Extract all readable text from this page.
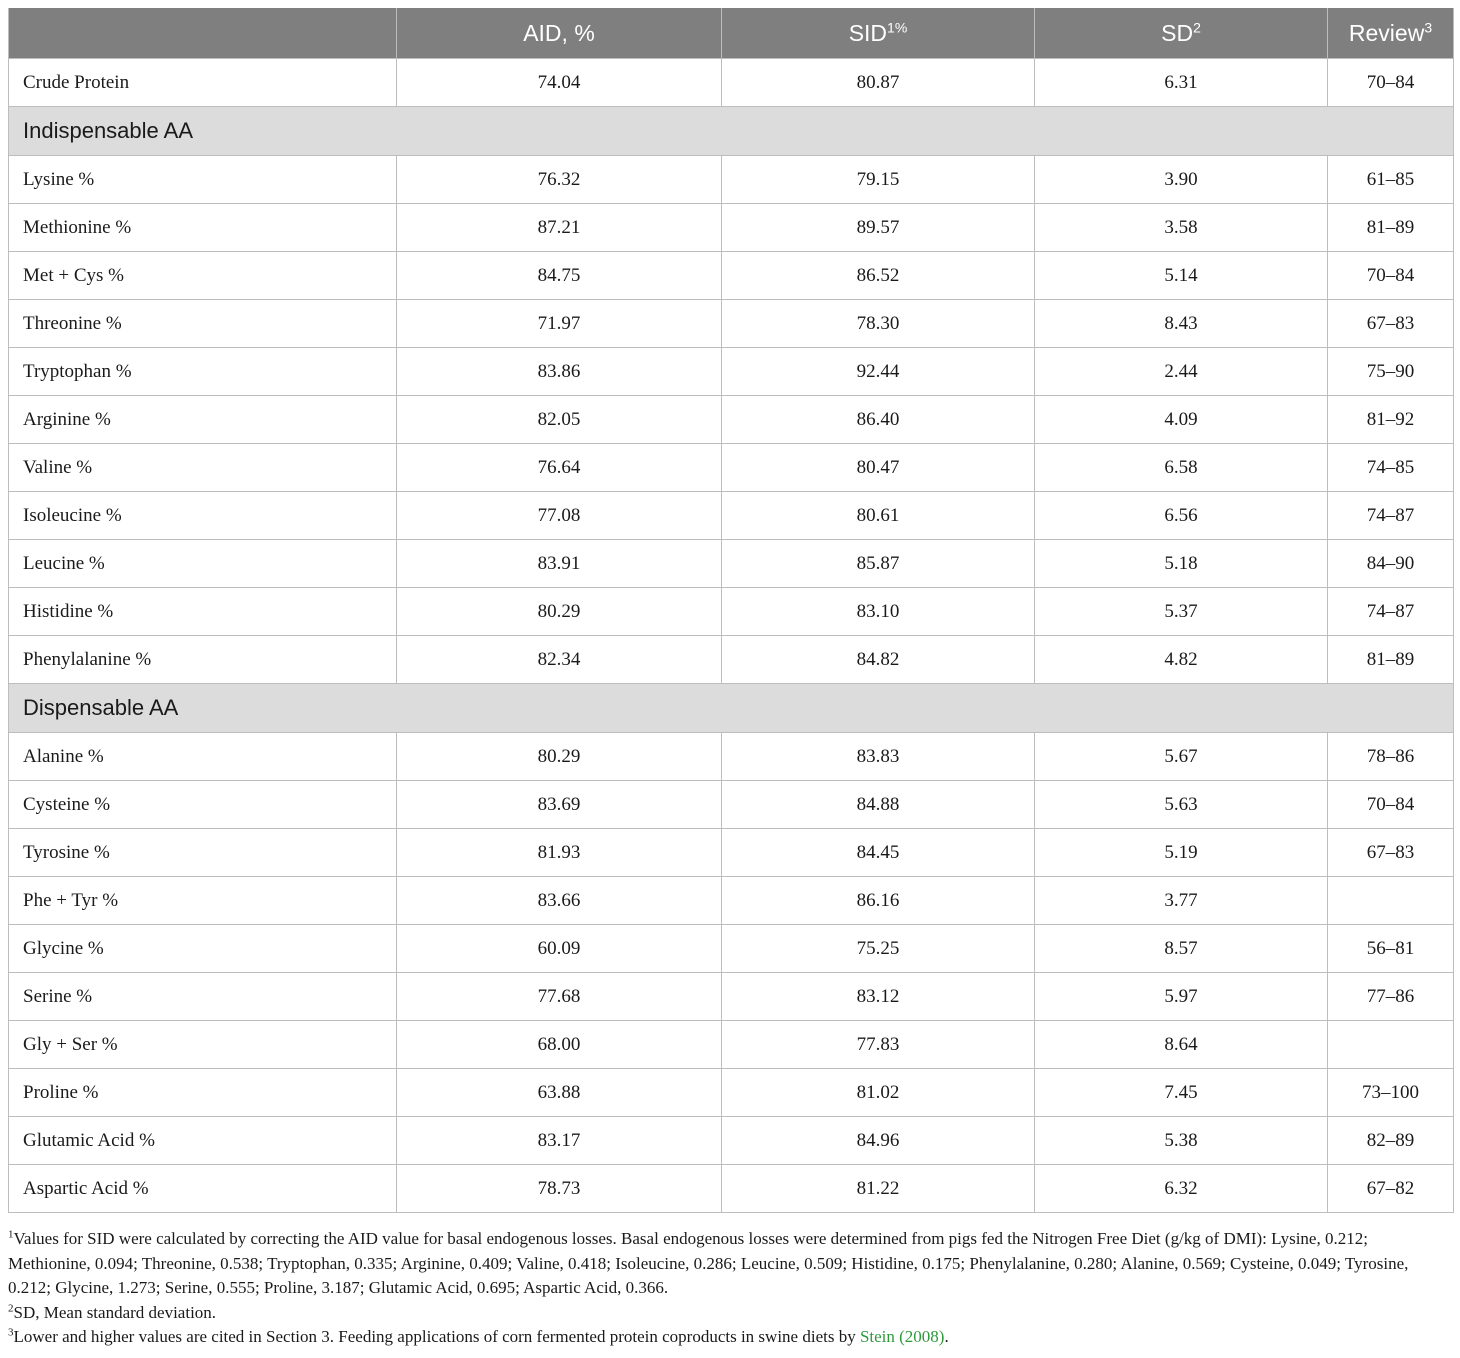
	AID, %	$SID^{1\%}$	$SD^2$	Review$^3$
Crude Protein	74.04	80.87	6.31	70–84
Indispensable AA				
Lysine %	76.32	79.15	3.90	61–85
Methionine %	87.21	89.57	3.58	81–89
Met + Cys %	84.75	86.52	5.14	70–84
Threonine %	71.97	78.30	8.43	67–83
Tryptophan %	83.86	92.44	2.44	75–90
Arginine %	82.05	86.40	4.09	81–92
Valine %	76.64	80.47	6.58	74–85
Isoleucine %	77.08	80.61	6.56	74–87
Leucine %	83.91	85.87	5.18	84–90
Histidine %	80.29	83.10	5.37	74–87
Phenylalanine %	82.34	84.82	4.82	81–89
Dispensable AA				
Alanine %	80.29	83.83	5.67	78–86
Cysteine %	83.69	84.88	5.63	70–84
Tyrosine %	81.93	84.45	5.19	67–83
Phe + Tyr %	83.66	86.16	3.77	
Glycine %	60.09	75.25	8.57	56–81
Serine %	77.68	83.12	5.97	77–86
Gly + Ser %	68.00	77.83	8.64	
Proline %	63.88	81.02	7.45	73–100
Glutamic Acid %	83.17	84.96	5.38	82–89
Aspartic Acid %	78.73	81.22	6.32	67–82

$^1$Values for SID were calculated by correcting the AID value for basal endogenous losses. Basal endogenous losses were determined from pigs fed the Nitrogen Free Diet (g/kg of DMI): Lysine, 0.212; Methionine, 0.094; Threonine, 0.538; Tryptophan, 0.335; Arginine, 0.409; Valine, 0.418; Isoleucine, 0.286; Leucine, 0.509; Histidine, 0.175; Phenylalanine, 0.280; Alanine, 0.569; Cysteine, 0.049; Tyrosine, 0.212; Glycine, 1.273; Serine, 0.555; Proline, 3.187; Glutamic Acid, 0.695; Aspartic Acid, 0.366.

$^2$SD, Mean standard deviation.

$^3$Lower and higher values are cited in Section 3. Feeding applications of corn fermented protein coproducts in swine diets by Stein (2008).
